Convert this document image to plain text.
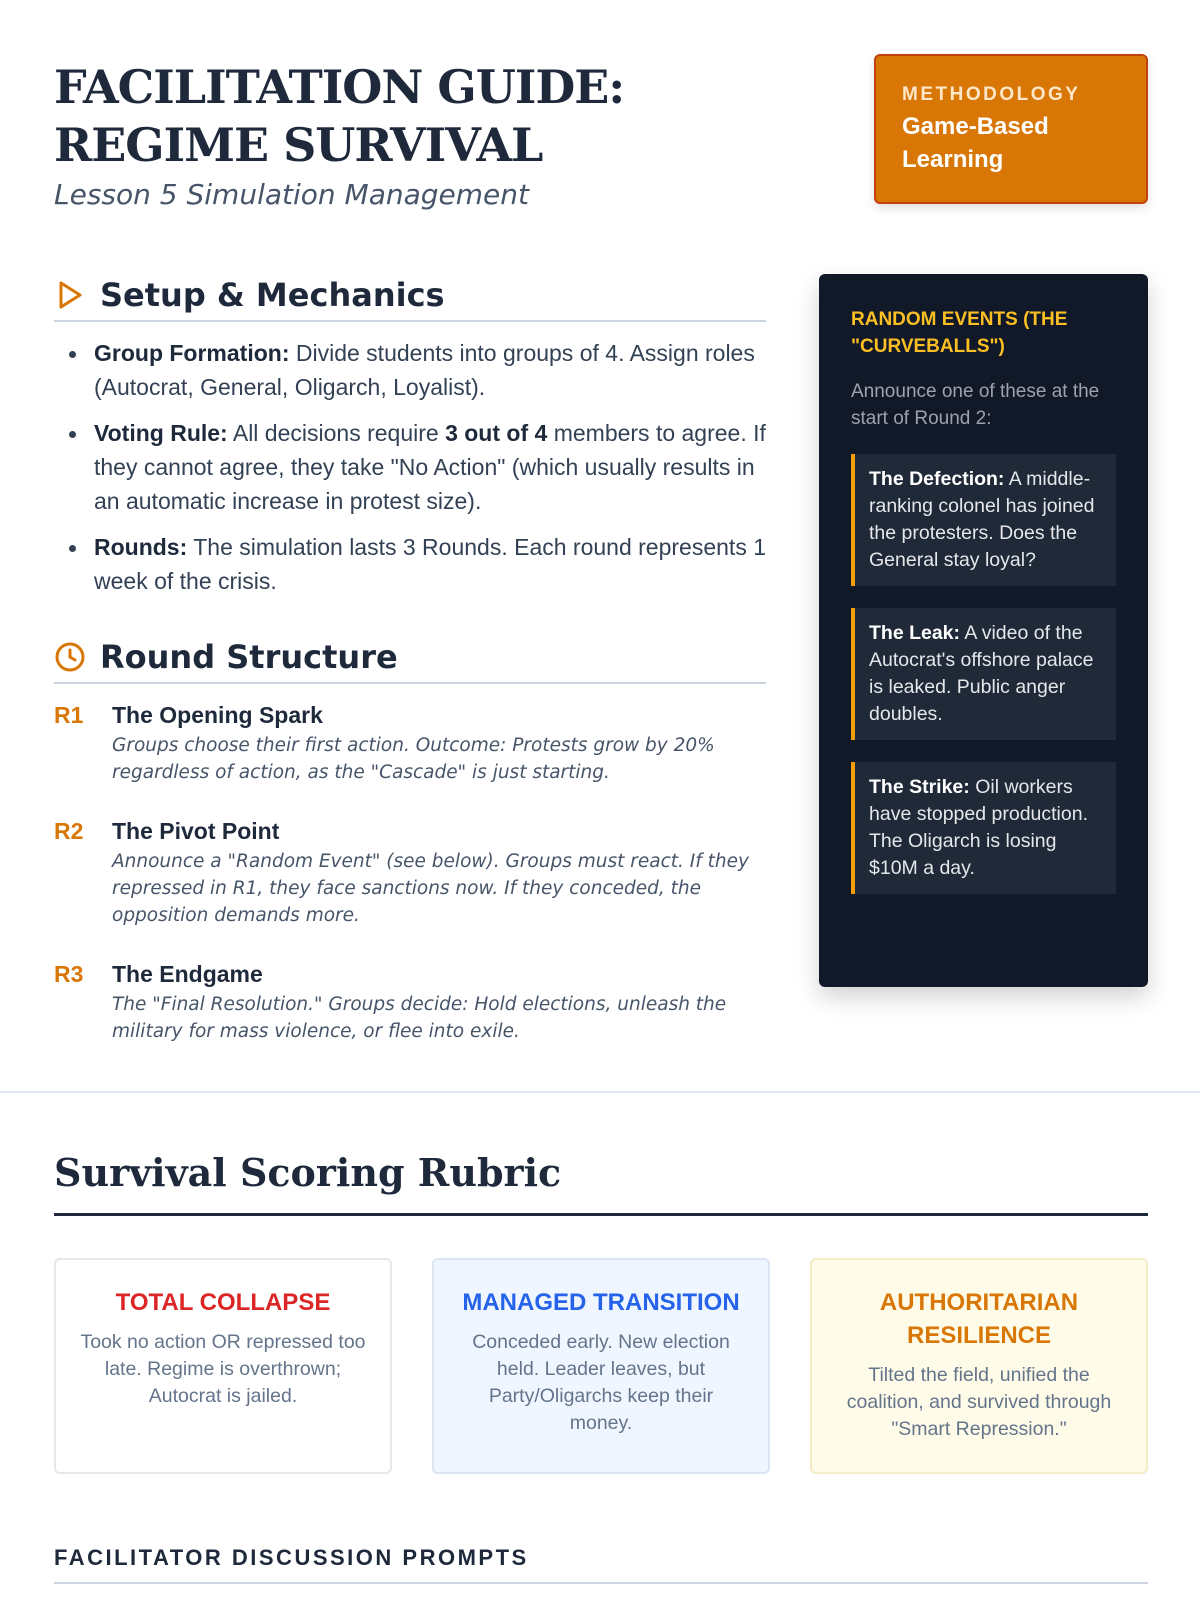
FACILITATION GUIDE: REGIME SURVIVAL
Lesson 5 Simulation Management
METHODOLOGY
Game-Based Learning
Setup & Mechanics
Group Formation: Divide students into groups of 4. Assign roles (Autocrat, General, Oligarch, Loyalist).
Voting Rule: All decisions require 3 out of 4 members to agree. If they cannot agree, they take "No Action" (which usually results in an automatic increase in protest size).
Rounds: The simulation lasts 3 Rounds. Each round represents 1 week of the crisis.
Round Structure
R1	The Opening Spark
Groups choose their first action. Outcome: Protests grow by 20% regardless of action, as the "Cascade" is just starting.
R2	The Pivot Point
Announce a "Random Event" (see below). Groups must react. If they repressed in R1, they face sanctions now. If they conceded, the opposition demands more.
R3	The Endgame
The "Final Resolution." Groups decide: Hold elections, unleash the military for mass violence, or flee into exile.
RANDOM EVENTS (THE "CURVEBALLS")
Announce one of these at the start of Round 2:
The Defection: A middle-ranking colonel has joined the protesters. Does the General stay loyal?
The Leak: A video of the Autocrat's offshore palace is leaked. Public anger doubles.
The Strike: Oil workers have stopped production. The Oligarch is losing $10M a day.
Survival Scoring Rubric
TOTAL COLLAPSE
Took no action OR repressed too late. Regime is overthrown; Autocrat is jailed.
MANAGED TRANSITION
Conceded early. New election held. Leader leaves, but Party/Oligarchs keep their money.
AUTHORITARIAN RESILIENCE
Tilted the field, unified the coalition, and survived through "Smart Repression."
FACILITATOR DISCUSSION PROMPTS
